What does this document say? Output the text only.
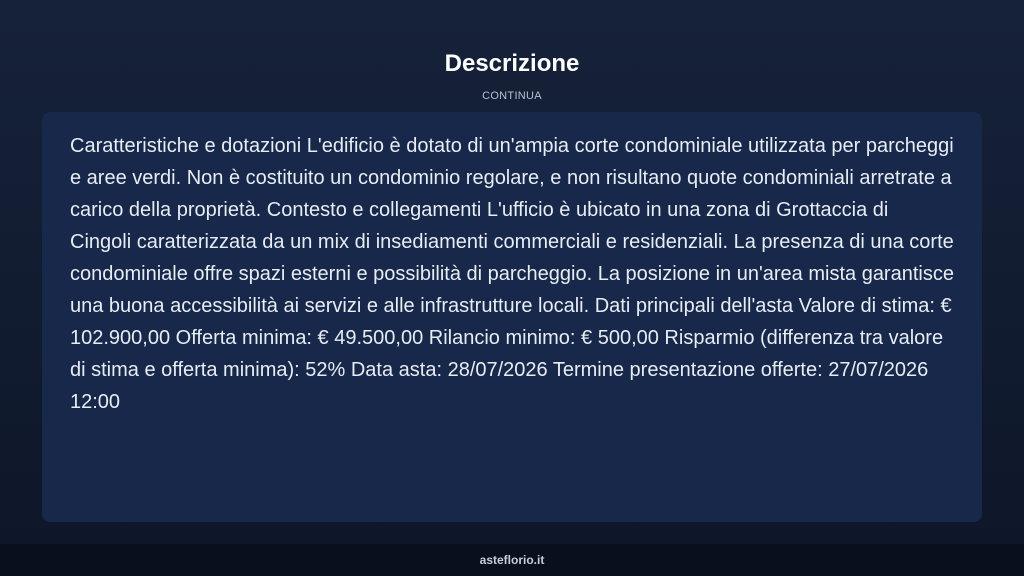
Descrizione
CONTINUA

Caratteristiche e dotazioni L'edificio è dotato di un'ampia corte condominiale utilizzata per parcheggi e aree verdi. Non è costituito un condominio regolare, e non risultano quote condominiali arretrate a carico della proprietà. Contesto e collegamenti L'ufficio è ubicato in una zona di Grottaccia di Cingoli caratterizzata da un mix di insediamenti commerciali e residenziali. La presenza di una corte condominiale offre spazi esterni e possibilità di parcheggio. La posizione in un'area mista garantisce una buona accessibilità ai servizi e alle infrastrutture locali. Dati principali dell'asta Valore di stima: € 102.900,00 Offerta minima: € 49.500,00 Rilancio minimo: € 500,00 Risparmio (differenza tra valore di stima e offerta minima): 52% Data asta: 28/07/2026 Termine presentazione offerte: 27/07/2026 12:00

asteflorio.it
